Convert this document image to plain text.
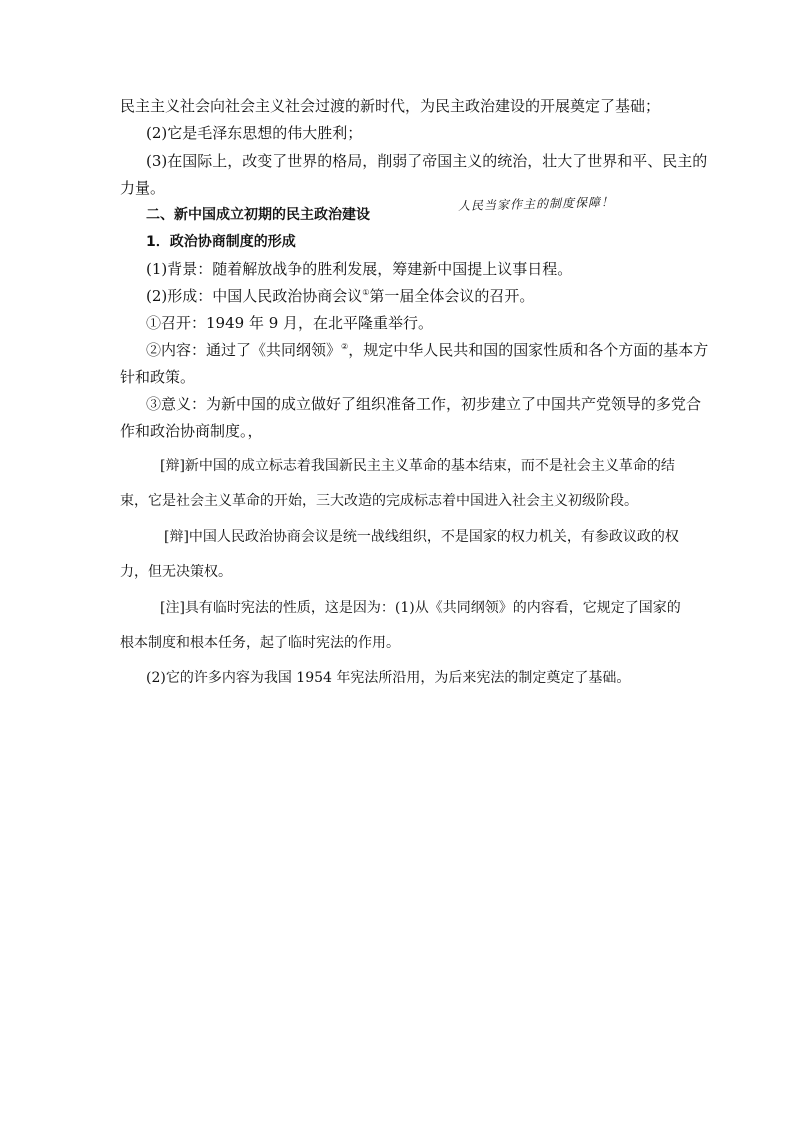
民主主义社会向社会主义社会过渡的新时代，为民主政治建设的开展奠定了基础；
(2)它是毛泽东思想的伟大胜利；
(3)在国际上，改变了世界的格局，削弱了帝国主义的统治，壮大了世界和平、民主的
力量。
二、新中国成立初期的民主政治建设
人民当家作主的制度保障！
1．政治协商制度的形成
(1)背景：随着解放战争的胜利发展，筹建新中国提上议事日程。
(2)形成：中国人民政治协商会议①第一届全体会议的召开。
①召开：1949 年 9 月，在北平隆重举行。
②内容：通过了《共同纲领》②，规定中华人民共和国的国家性质和各个方面的基本方
针和政策。
③意义：为新中国的成立做好了组织准备工作，初步建立了中国共产党领导的多党合
作和政治协商制度。，
[辩]新中国的成立标志着我国新民主主义革命的基本结束，而不是社会主义革命的结
束，它是社会主义革命的开始，三大改造的完成标志着中国进入社会主义初级阶段。
[辩]中国人民政治协商会议是统一战线组织，不是国家的权力机关，有参政议政的权
力，但无决策权。
[注]具有临时宪法的性质，这是因为：(1)从《共同纲领》的内容看，它规定了国家的
根本制度和根本任务，起了临时宪法的作用。
(2)它的许多内容为我国 1954 年宪法所沿用，为后来宪法的制定奠定了基础。
